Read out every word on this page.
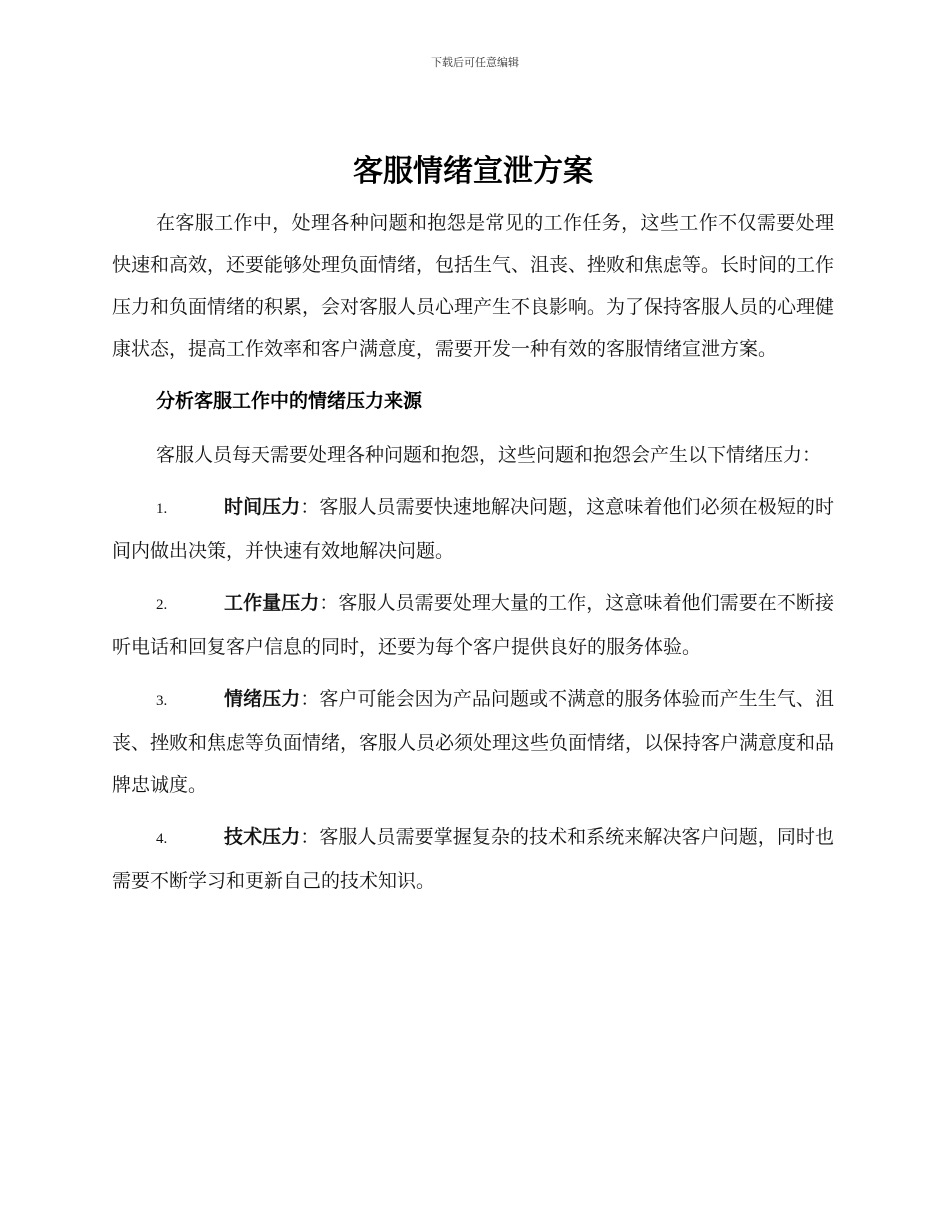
下载后可任意编辑
客服情绪宣泄方案

在客服工作中，处理各种问题和抱怨是常见的工作任务，这些工作不仅需要处理快速和高效，还要能够处理负面情绪，包括生气、沮丧、挫败和焦虑等。长时间的工作压力和负面情绪的积累，会对客服人员心理产生不良影响。为了保持客服人员的心理健康状态，提高工作效率和客户满意度，需要开发一种有效的客服情绪宣泄方案。

分析客服工作中的情绪压力来源

客服人员每天需要处理各种问题和抱怨，这些问题和抱怨会产生以下情绪压力：

1.	时间压力：客服人员需要快速地解决问题，这意味着他们必须在极短的时间内做出决策，并快速有效地解决问题。

2.	工作量压力：客服人员需要处理大量的工作，这意味着他们需要在不断接听电话和回复客户信息的同时，还要为每个客户提供良好的服务体验。

3.	情绪压力：客户可能会因为产品问题或不满意的服务体验而产生生气、沮丧、挫败和焦虑等负面情绪，客服人员必须处理这些负面情绪，以保持客户满意度和品牌忠诚度。

4.	技术压力：客服人员需要掌握复杂的技术和系统来解决客户问题，同时也需要不断学习和更新自己的技术知识。
